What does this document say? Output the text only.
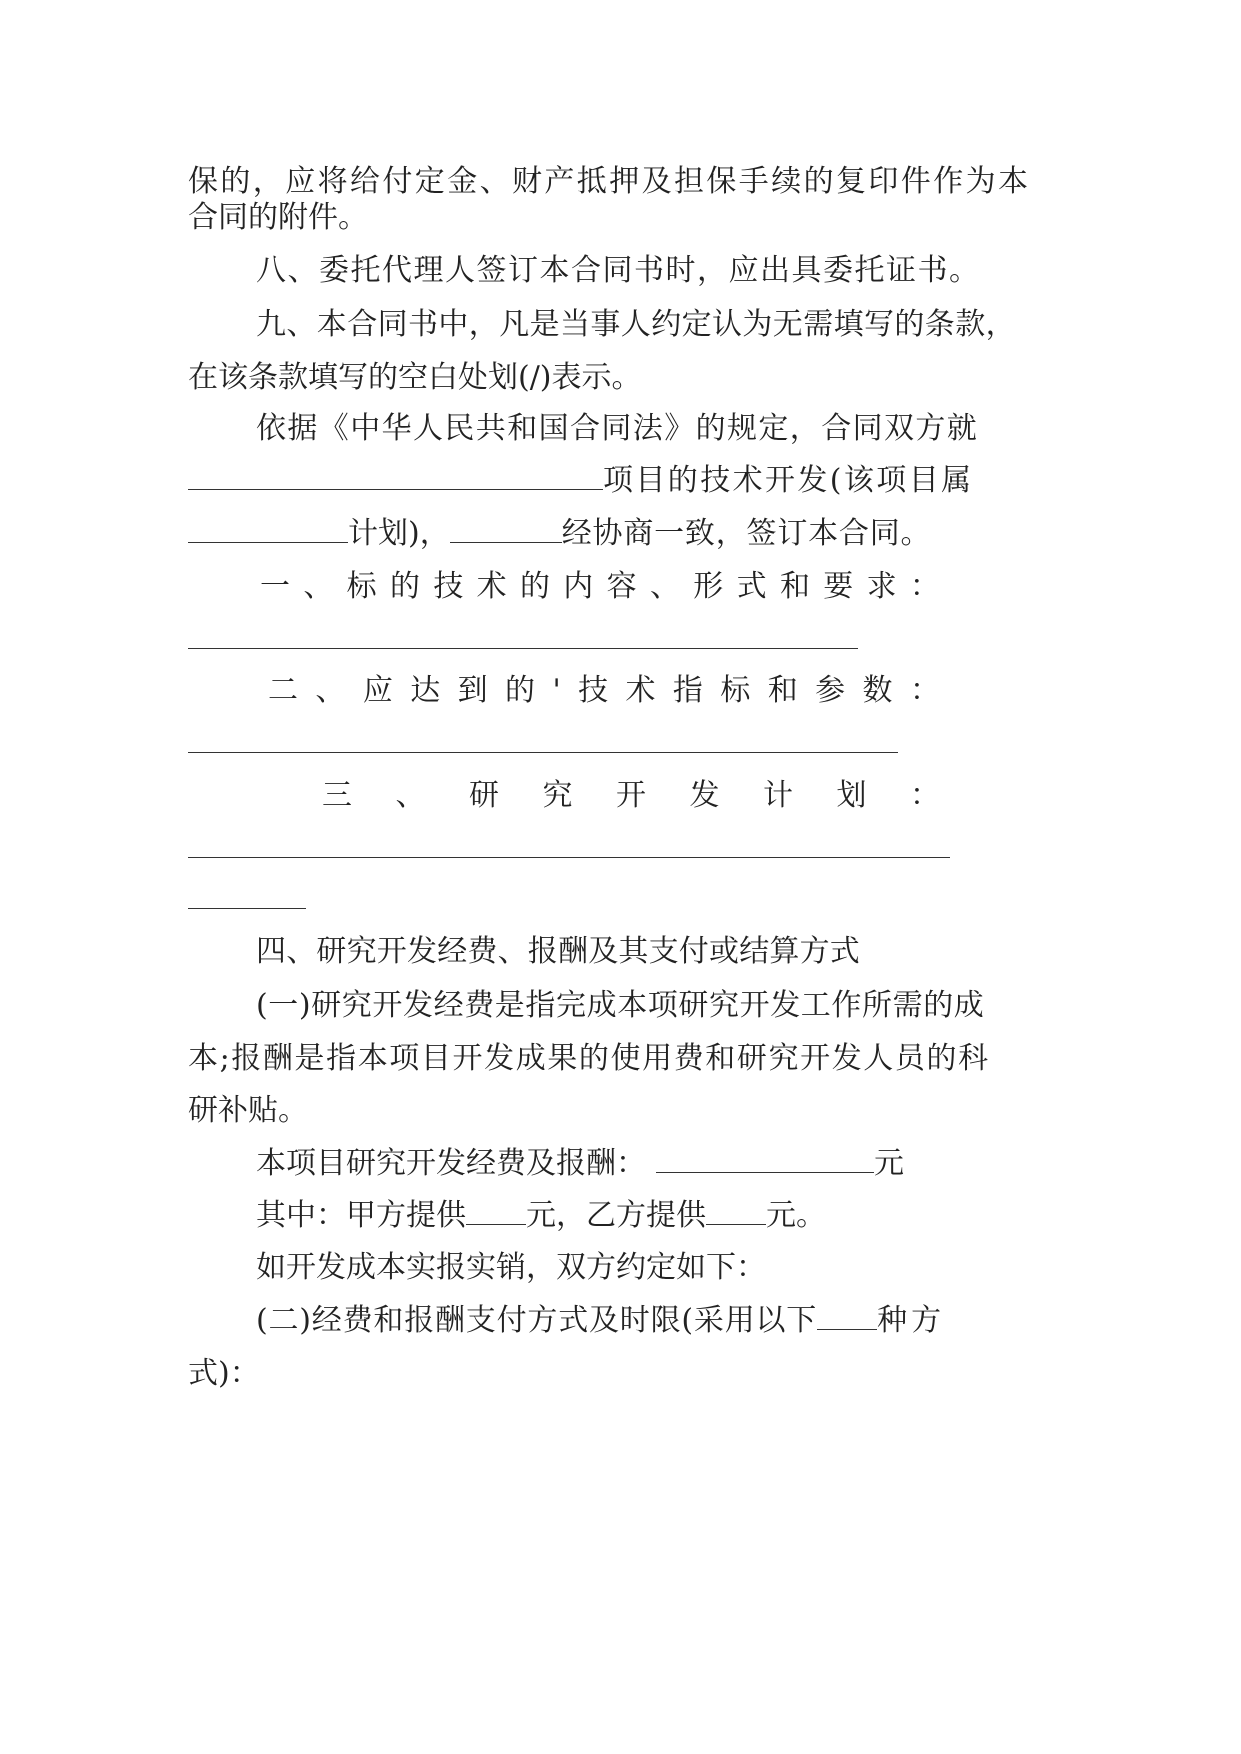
保的，应将给付定金、财产抵押及担保手续的复印件作为本
合同的附件。
八、委托代理人签订本合同书时，应出具委托证书。
九、本合同书中，凡是当事人约定认为无需填写的条款，
在该条款填写的空白处划(/)表示。
依据《中华人民共和国合同法》的规定，合同双方就
项目的技术开发(该项目属
计划)，	经协商一致，签订本合同。
一 、 标 的 技 术 的 内 容 、 形 式 和 要 求 ：
二 、 应 达 到 的 ' 技 术 指 标 和 参 数 ：
三 、 研 究 开 发 计 划 ：
四、研究开发经费、报酬及其支付或结算方式
(一)研究开发经费是指完成本项研究开发工作所需的成
本;报酬是指本项目开发成果的使用费和研究开发人员的科
研补贴。
本项目研究开发经费及报酬：	元
其中：甲方提供 元，乙方提供 元。
如开发成本实报实销，双方约定如下：
(二)经费和报酬支付方式及时限(采用以下 种方
式)：
